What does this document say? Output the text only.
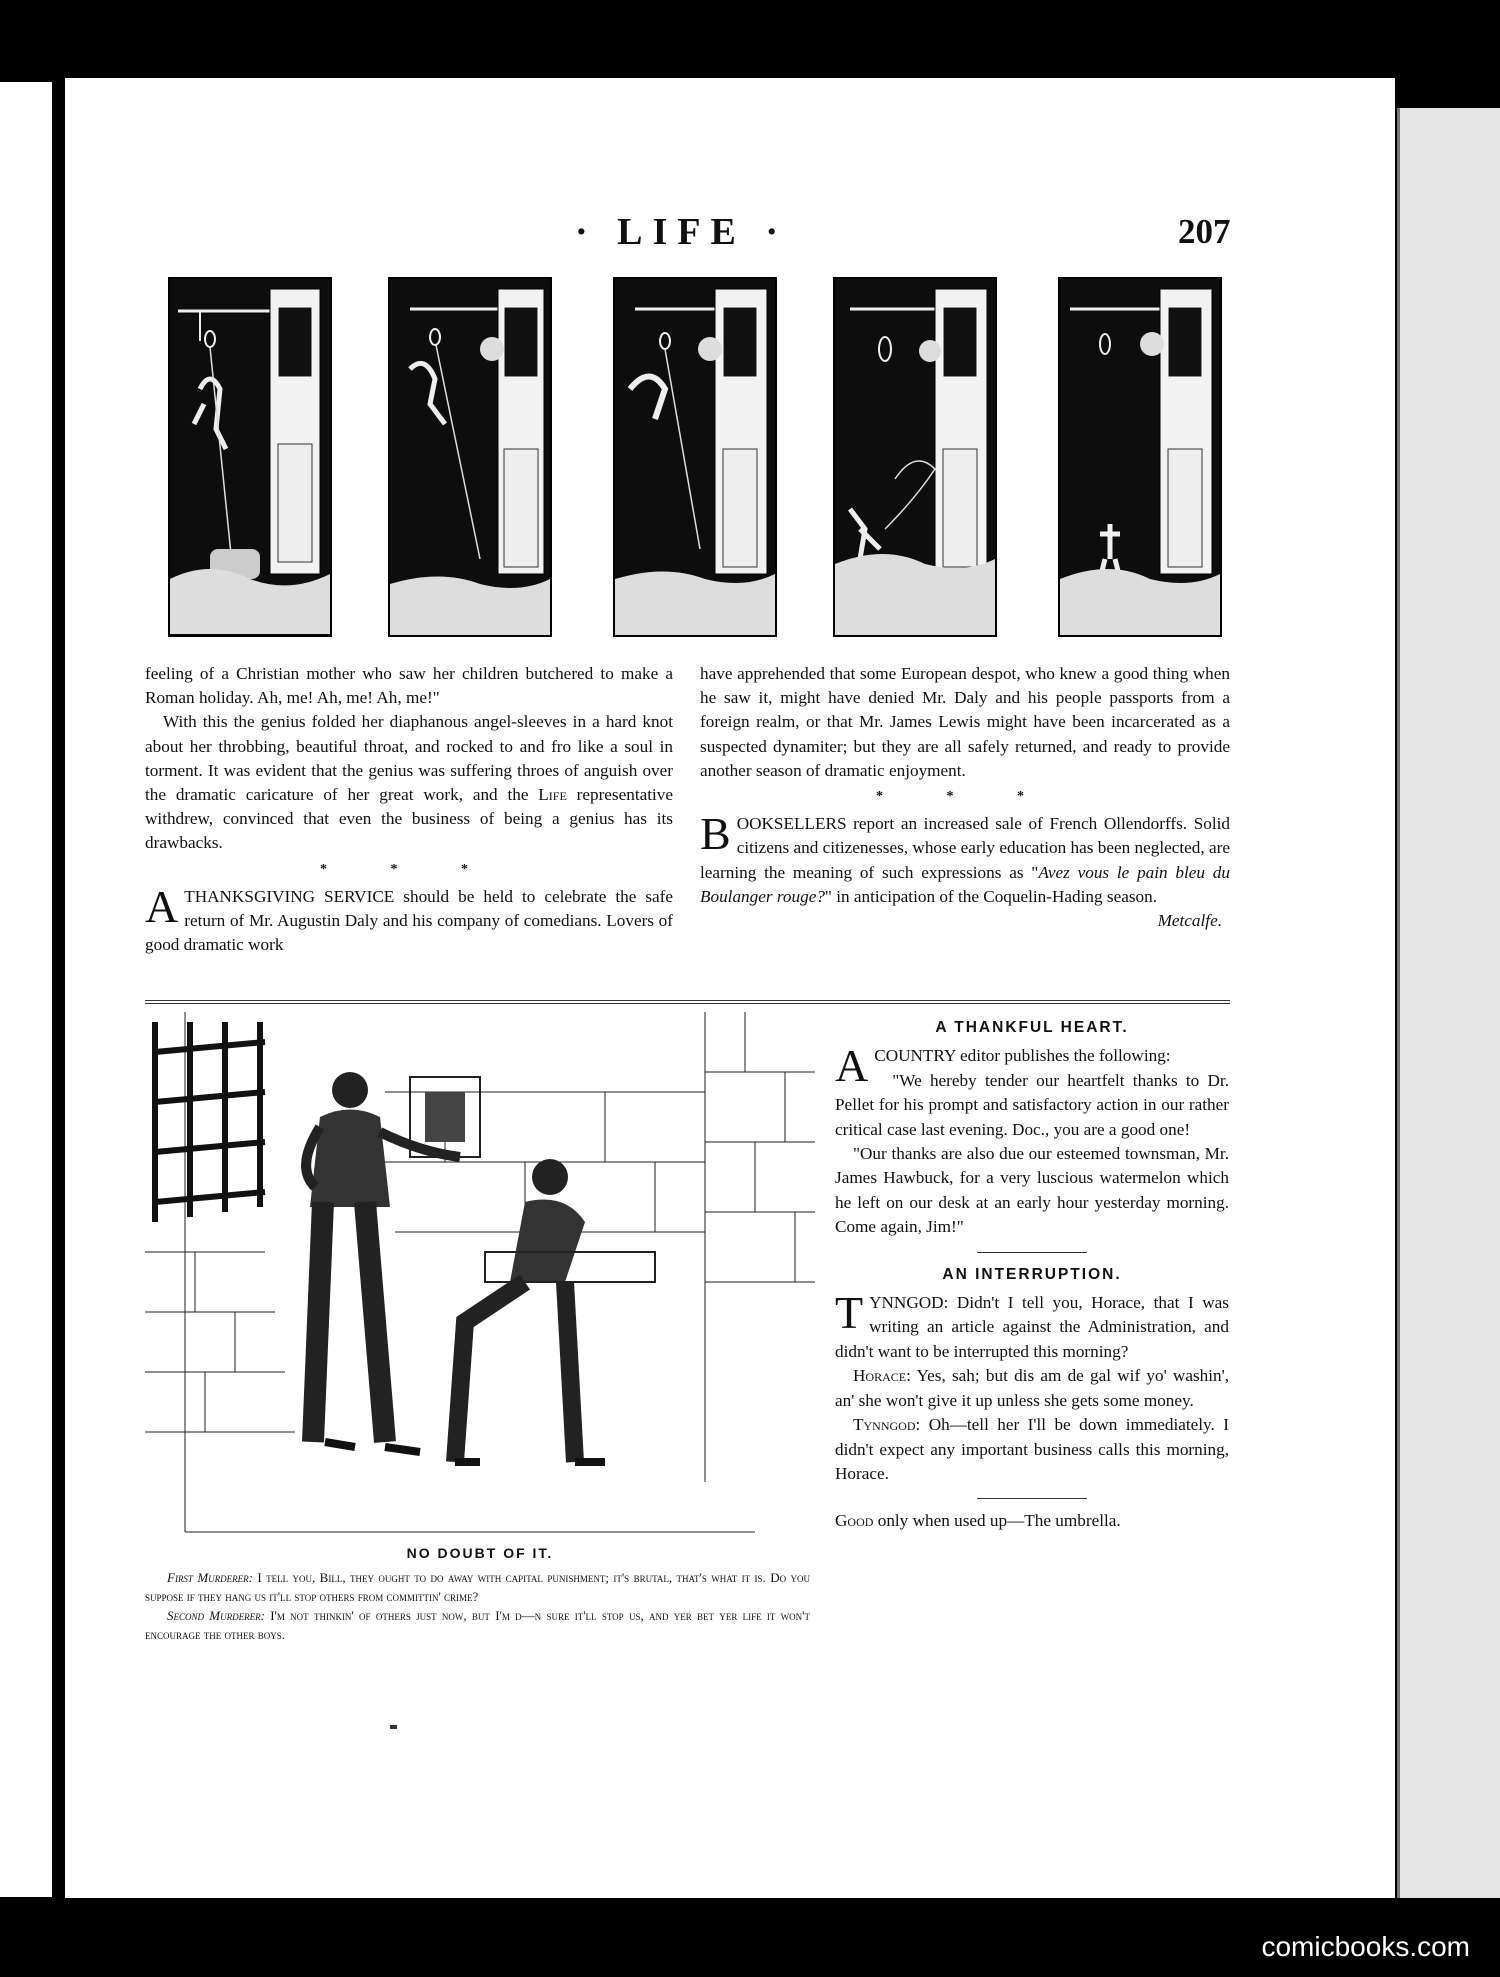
· LIFE ·	207

feeling of a Christian mother who saw her children butchered to make a Roman holiday. Ah, me! Ah, me! Ah, me!"

With this the genius folded her diaphanous angel-sleeves in a hard knot about her throbbing, beautiful throat, and rocked to and fro like a soul in torment. It was evident that the genius was suffering throes of anguish over the dramatic caricature of her great work, and the Life representative withdrew, convinced that even the business of being a genius has its drawbacks.

* * *

ATHANKSGIVING SERVICE should be held to celebrate the safe return of Mr. Augustin Daly and his company of comedians. Lovers of good dramatic work

have apprehended that some European despot, who knew a good thing when he saw it, might have denied Mr. Daly and his people passports from a foreign realm, or that Mr. James Lewis might have been incarcerated as a suspected dynamiter; but they are all safely returned, and ready to provide another season of dramatic enjoyment.

* * *

BOOKSELLERS report an increased sale of French Ollendorffs. Solid citizens and citizenesses, whose early education has been neglected, are learning the meaning of such expressions as "Avez vous le pain bleu du Boulanger rouge?" in anticipation of the Coquelin-Hading season.

Metcalfe.

NO DOUBT OF IT.

First Murderer: I tell you, Bill, they ought to do away with capital punishment; it's brutal, that's what it is. Do you suppose if they hang us it'll stop others from committin' crime?

Second Murderer: I'm not thinkin' of others just now, but I'm d—n sure it'll stop us, and yer bet yer life it won't encourage the other boys.

A THANKFUL HEART.

ACOUNTRY editor publishes the following:

"We hereby tender our heartfelt thanks to Dr. Pellet for his prompt and satisfactory action in our rather critical case last evening. Doc., you are a good one!

"Our thanks are also due our esteemed townsman, Mr. James Hawbuck, for a very luscious watermelon which he left on our desk at an early hour yesterday morning. Come again, Jim!"

AN INTERRUPTION.

TYNNGOD: Didn't I tell you, Horace, that I was writing an article against the Administration, and didn't want to be interrupted this morning?

Horace: Yes, sah; but dis am de gal wif yo' washin', an' she won't give it up unless she gets some money.

Tynngod: Oh—tell her I'll be down immediately. I didn't expect any important business calls this morning, Horace.

Good only when used up—The umbrella.

comicbooks.com
